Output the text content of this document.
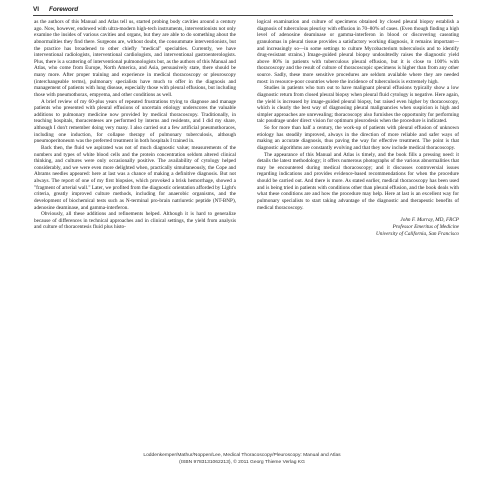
VI Foreword

as the authors of this Manual and Atlas tell us, started probing body cavities around a century ago. Now, however, endowed with ultra-modern high-tech instruments, interventionists not only examine the insides of various cavities and organs, but they are able to do something about the abnormalities they find there. Surgeons are, without doubt, the consummate interventionists, but the practice has broadened to other chiefly "medical" specialties. Currently, we have interventional radiologists, interventional cardiologists, and interventional gastroenterologists. Plus, there is a scattering of interventional pulmonologists but, as the authors of this Manual and Atlas, who come from Europe, North America, and Asia, persuasively state, there should be many more. After proper training and experience in medical thoracoscopy or pleuroscopy (interchangeable terms), pulmonary specialists have much to offer in the diagnosis and management of patients with lung disease, especially those with pleural effusions, but including those with pneumothorax, empyema, and other conditions as well.

A brief review of my 60-plus years of repeated frustrations trying to diagnose and manage patients who presented with pleural effusions of uncertain etiology underscores the valuable additions to pulmonary medicine now provided by medical thoracoscopy. Traditionally, in teaching hospitals, thoracenteses are performed by interns and residents, and I did my share, although I don't remember doing very many. I also carried out a few artificial pneumothoraces, including one induction, for collapse therapy of pulmonary tuberculosis, although pneumoperitoneum was the preferred treatment in both hospitals I trained in.

Back then, the fluid we aspirated was not of much diagnostic value; measurements of the numbers and types of white blood cells and the protein concentration seldom altered clinical thinking, and cultures were only occasionally positive. The availability of cytology helped considerably, and we were even more delighted when, practically simultaneously, the Cope and Abrams needles appeared: here at last was a chance of making a definitive diagnosis. But not always. The report of one of my first biopsies, which provoked a brisk hemorrhage, showed a "fragment of arterial wall." Later, we profited from the diagnostic orientation afforded by Light's criteria, greatly improved culture methods, including for anaerobic organisms, and the development of biochemical tests such as N-terminal pro-brain natriuretic peptide (NT-BNP), adenosine deaminase, and gamma-interferon.

Obviously, all these additions and refinements helped. Although it is hard to generalize because of differences in technical approaches and in clinical settings, the yield from analysis and culture of thoracentesis fluid plus histo-

logical examination and culture of specimens obtained by closed pleural biopsy establish a diagnosis of tuberculous pleurisy with effusion in 70–80% of cases. (Even though finding a high level of adenosine deaminase or gamma-interferon in blood or discovering caseating granulomas in pleural tissue provides a satisfactory working diagnosis, it remains important—and increasingly so—in some settings to culture Mycobacterium tuberculosis and to identify drug-resistant strains.) Image-guided pleural biopsy undoubtedly raises the diagnostic yield above 80% in patients with tuberculous pleural effusion, but it is close to 100% with thoracoscopy and the result of culture of thoracoscopic specimens is higher than from any other source. Sadly, these more sensitive procedures are seldom available where they are needed most: in resource-poor countries where the incidence of tuberculosis is extremely high.

Studies in patients who turn out to have malignant pleural effusions typically show a low diagnostic return from closed pleural biopsy when pleural fluid cytology is negative. Here again, the yield is increased by image-guided pleural biopsy, but raised even higher by thoracoscopy, which is clearly the best way of diagnosing pleural malignancies when suspicion is high and simpler approaches are unrevealing; thoracoscopy also furnishes the opportunity for performing talc poudrage under direct vision for optimum pleurodesis when the procedure is indicated.

So for more than half a century, the work-up of patients with pleural effusion of unknown etiology has steadily improved, always in the direction of more reliable and safer ways of making an accurate diagnosis, thus paving the way for effective treatment. The point is that diagnostic algorithms are constantly evolving and that they now include medical thoracoscopy.

The appearance of this Manual and Atlas is timely, and the book fills a pressing need: it details the latest methodology; it offers numerous photographs of the various abnormalities that may be encountered during medical thoracoscopy; and it discusses controversial issues regarding indications and provides evidence-based recommendations for when the procedure should be carried out. And there is more. As stated earlier, medical thoracoscopy has been used and is being tried in patients with conditions other than pleural effusion, and the book deals with what these conditions are and how the procedure may help. Here at last is an excellent way for pulmonary specialists to start taking advantage of the diagnostic and therapeutic benefits of medical thoracoscopy.

John F. Murray, MD, FRCP
Professor Emeritus of Medicine
University of California, San Francisco
Loddenkemper/Mathur/Noppen/Lee, Medical Thoracoscopy/Pleuroscopy: Manual and Atlas
(ISBN 9783131062213), © 2011 Georg Thieme Verlag KG
